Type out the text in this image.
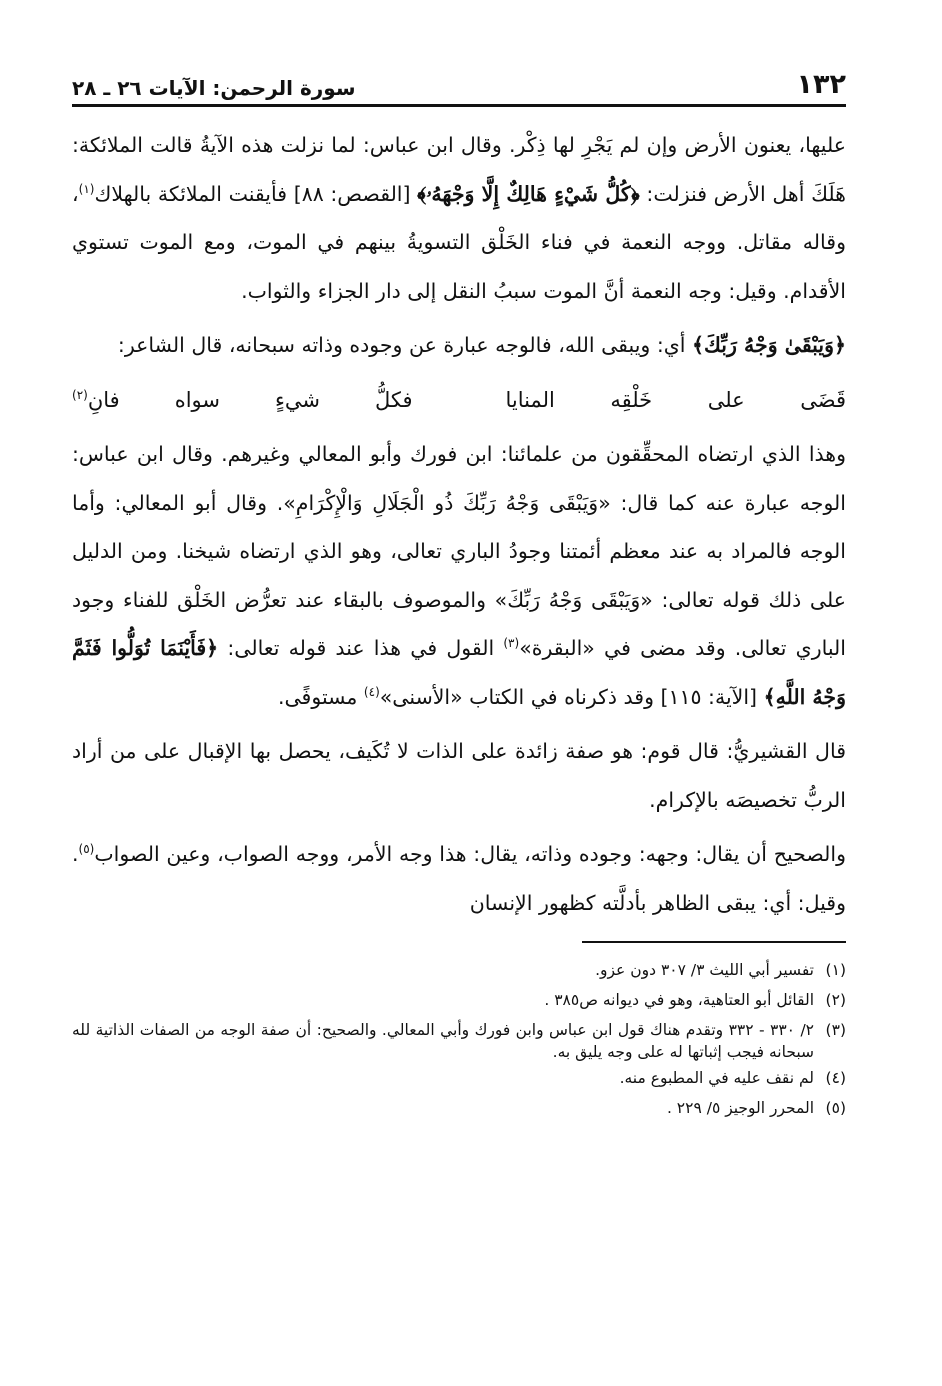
١٣٢
سورة الرحمن: الآيات ٢٦ ـ ٢٨

عليها، يعنون الأرض وإن لم يَجْرِ لها ذِكْر. وقال ابن عباس: لما نزلت هذه الآيةُ قالت الملائكة: هَلَكَ أهل الأرض فنزلت: ﴿كُلُّ شَيْءٍ هَالِكٌ إِلَّا وَجْهَهُۥ﴾ [القصص: ٨٨] فأيقنت الملائكة بالهلاك$^{(١)}$، وقاله مقاتل. ووجه النعمة في فناء الخَلْق التسويةُ بينهم في الموت، ومع الموت تستوي الأقدام. وقيل: وجه النعمة أنَّ الموت سببُ النقل إلى دار الجزاء والثواب.

﴿وَيَبْقَىٰ وَجْهُ رَبِّكَ﴾ أي: ويبقى الله، فالوجه عبارة عن وجوده وذاته سبحانه، قال الشاعر:

قَضَى على خَلْقِه المنايا
فكلُّ شيءٍ سواه فانِ$^{(٢)}$

وهذا الذي ارتضاه المحقِّقون من علمائنا: ابن فورك وأبو المعالي وغيرهم. وقال ابن عباس: الوجه عبارة عنه كما قال: «وَيَبْقَى وَجْهُ رَبِّكَ ذُو الْجَلَالِ وَالْإِكْرَامِ». وقال أبو المعالي: وأما الوجه فالمراد به عند معظم أئمتنا وجودُ الباري تعالى، وهو الذي ارتضاه شيخنا. ومن الدليل على ذلك قوله تعالى: «وَيَبْقَى وَجْهُ رَبِّكَ» والموصوف بالبقاء عند تعرُّض الخَلْق للفناء وجود الباري تعالى. وقد مضى في «البقرة»$^{(٣)}$ القول في هذا عند قوله تعالى: ﴿فَأَيْنَمَا تُوَلُّوا فَثَمَّ وَجْهُ اللَّهِ﴾ [الآية: ١١٥] وقد ذكرناه في الكتاب «الأسنى»$^{(٤)}$ مستوفًى.

قال القشيريُّ: قال قوم: هو صفة زائدة على الذات لا تُكَيف، يحصل بها الإقبال على من أراد الربُّ تخصيصَه بالإكرام.

والصحيح أن يقال: وجهه: وجوده وذاته، يقال: هذا وجه الأمر، ووجه الصواب، وعين الصواب$^{(٥)}$. وقيل: أي: يبقى الظاهر بأدلَّته كظهور الإنسان

(١)
تفسير أبي الليث ٣/ ٣٠٧ دون عزو.
(٢)
القائل أبو العتاهية، وهو في ديوانه ص٣٨٥ .
(٣)
٢/ ٣٣٠ - ٣٣٢ وتقدم هناك قول ابن عباس وابن فورك وأبي المعالي. والصحيح: أن صفة الوجه من الصفات الذاتية لله سبحانه فيجب إثباتها له على وجه يليق به.
(٤)
لم نقف عليه في المطبوع منه.
(٥)
المحرر الوجيز ٥/ ٢٢٩ .
